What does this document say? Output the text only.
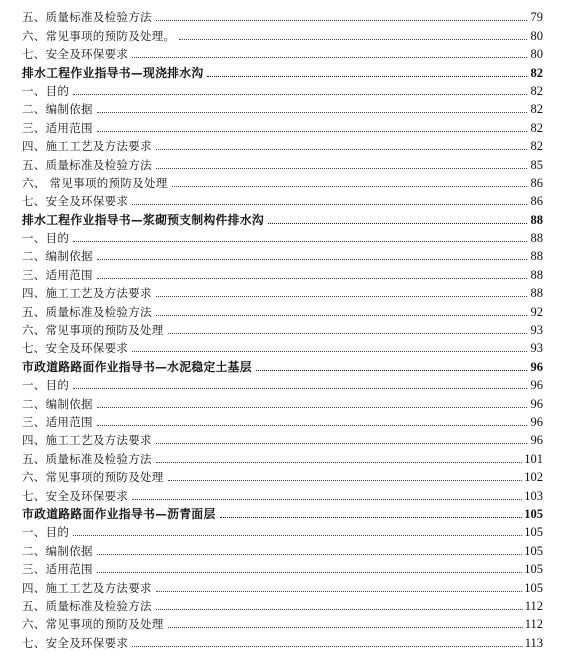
五、质量标准及检验方法	79
六、常见事项的预防及处理。	80
七、安全及环保要求	80
排水工程作业指导书—现浇排水沟	82
一、目的	82
二、编制依据	82
三、适用范围	82
四、施工工艺及方法要求	82
五、质量标准及检验方法	85
六、 常见事项的预防及处理	86
七、安全及环保要求	86
排水工程作业指导书—浆砌预支制构件排水沟	88
一、目的	88
二、编制依据	88
三、适用范围	88
四、施工工艺及方法要求	88
五、质量标准及检验方法	92
六、常见事项的预防及处理	93
七、安全及环保要求	93
市政道路路面作业指导书—水泥稳定土基层	96
一、目的	96
二、编制依据	96
三、适用范围	96
四、施工工艺及方法要求	96
五、质量标准及检验方法	101
六、常见事项的预防及处理	102
七、安全及环保要求	103
市政道路路面作业指导书—沥青面层	105
一、目的	105
二、编制依据	105
三、适用范围	105
四、施工工艺及方法要求	105
五、质量标准及检验方法	112
六、常见事项的预防及处理	112
七、安全及环保要求	113
